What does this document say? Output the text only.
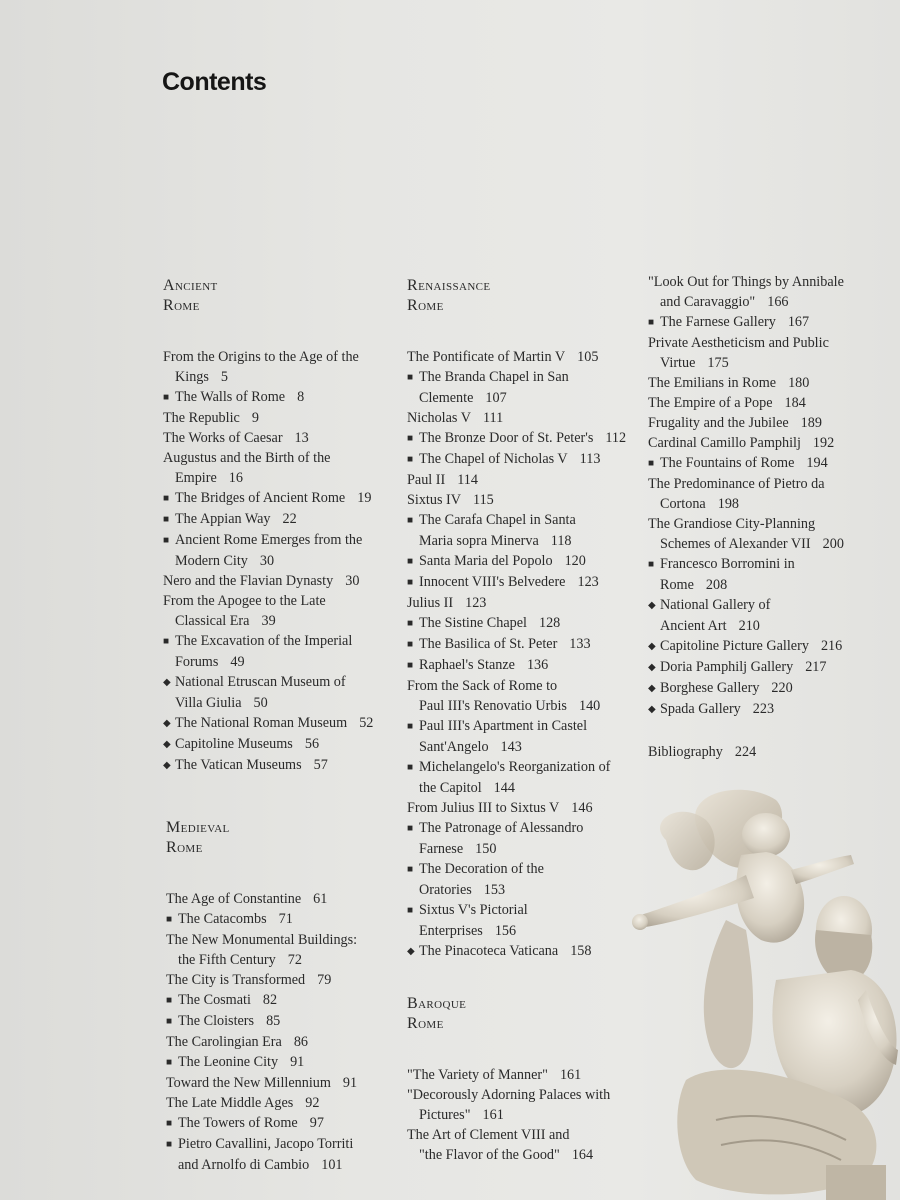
Contents
Ancient
Rome
From the Origins to the Age of the
Kings 5
■ The Walls of Rome 8
The Republic 9
The Works of Caesar 13
Augustus and the Birth of the
Empire 16
■ The Bridges of Ancient Rome 19
■ The Appian Way 22
■ Ancient Rome Emerges from the
Modern City 30
Nero and the Flavian Dynasty 30
From the Apogee to the Late
Classical Era 39
■ The Excavation of the Imperial
Forums 49
◆ National Etruscan Museum of
Villa Giulia 50
◆ The National Roman Museum 52
◆ Capitoline Museums 56
◆ The Vatican Museums 57
Medieval
Rome
The Age of Constantine 61
■ The Catacombs 71
The New Monumental Buildings:
the Fifth Century 72
The City is Transformed 79
■ The Cosmati 82
■ The Cloisters 85
The Carolingian Era 86
■ The Leonine City 91
Toward the New Millennium 91
The Late Middle Ages 92
■ The Towers of Rome 97
■ Pietro Cavallini, Jacopo Torriti
and Arnolfo di Cambio 101
Renaissance
Rome
The Pontificate of Martin V 105
■ The Branda Chapel in San
Clemente 107
Nicholas V 111
■ The Bronze Door of St. Peter's 112
■ The Chapel of Nicholas V 113
Paul II 114
Sixtus IV 115
■ The Carafa Chapel in Santa
Maria sopra Minerva 118
■ Santa Maria del Popolo 120
■ Innocent VIII's Belvedere 123
Julius II 123
■ The Sistine Chapel 128
■ The Basilica of St. Peter 133
■ Raphael's Stanze 136
From the Sack of Rome to
Paul III's Renovatio Urbis 140
■ Paul III's Apartment in Castel
Sant'Angelo 143
■ Michelangelo's Reorganization of
the Capitol 144
From Julius III to Sixtus V 146
■ The Patronage of Alessandro
Farnese 150
■ The Decoration of the
Oratories 153
■ Sixtus V's Pictorial
Enterprises 156
◆ The Pinacoteca Vaticana 158
Baroque
Rome
"The Variety of Manner" 161
"Decorously Adorning Palaces with
Pictures" 161
The Art of Clement VIII and
"the Flavor of the Good" 164
"Look Out for Things by Annibale
and Caravaggio" 166
■ The Farnese Gallery 167
Private Aestheticism and Public
Virtue 175
The Emilians in Rome 180
The Empire of a Pope 184
Frugality and the Jubilee 189
Cardinal Camillo Pamphilj 192
■ The Fountains of Rome 194
The Predominance of Pietro da
Cortona 198
The Grandiose City-Planning
Schemes of Alexander VII 200
■ Francesco Borromini in
Rome 208
◆ National Gallery of
Ancient Art 210
◆ Capitoline Picture Gallery 216
◆ Doria Pamphilj Gallery 217
◆ Borghese Gallery 220
◆ Spada Gallery 223
Bibliography 224
